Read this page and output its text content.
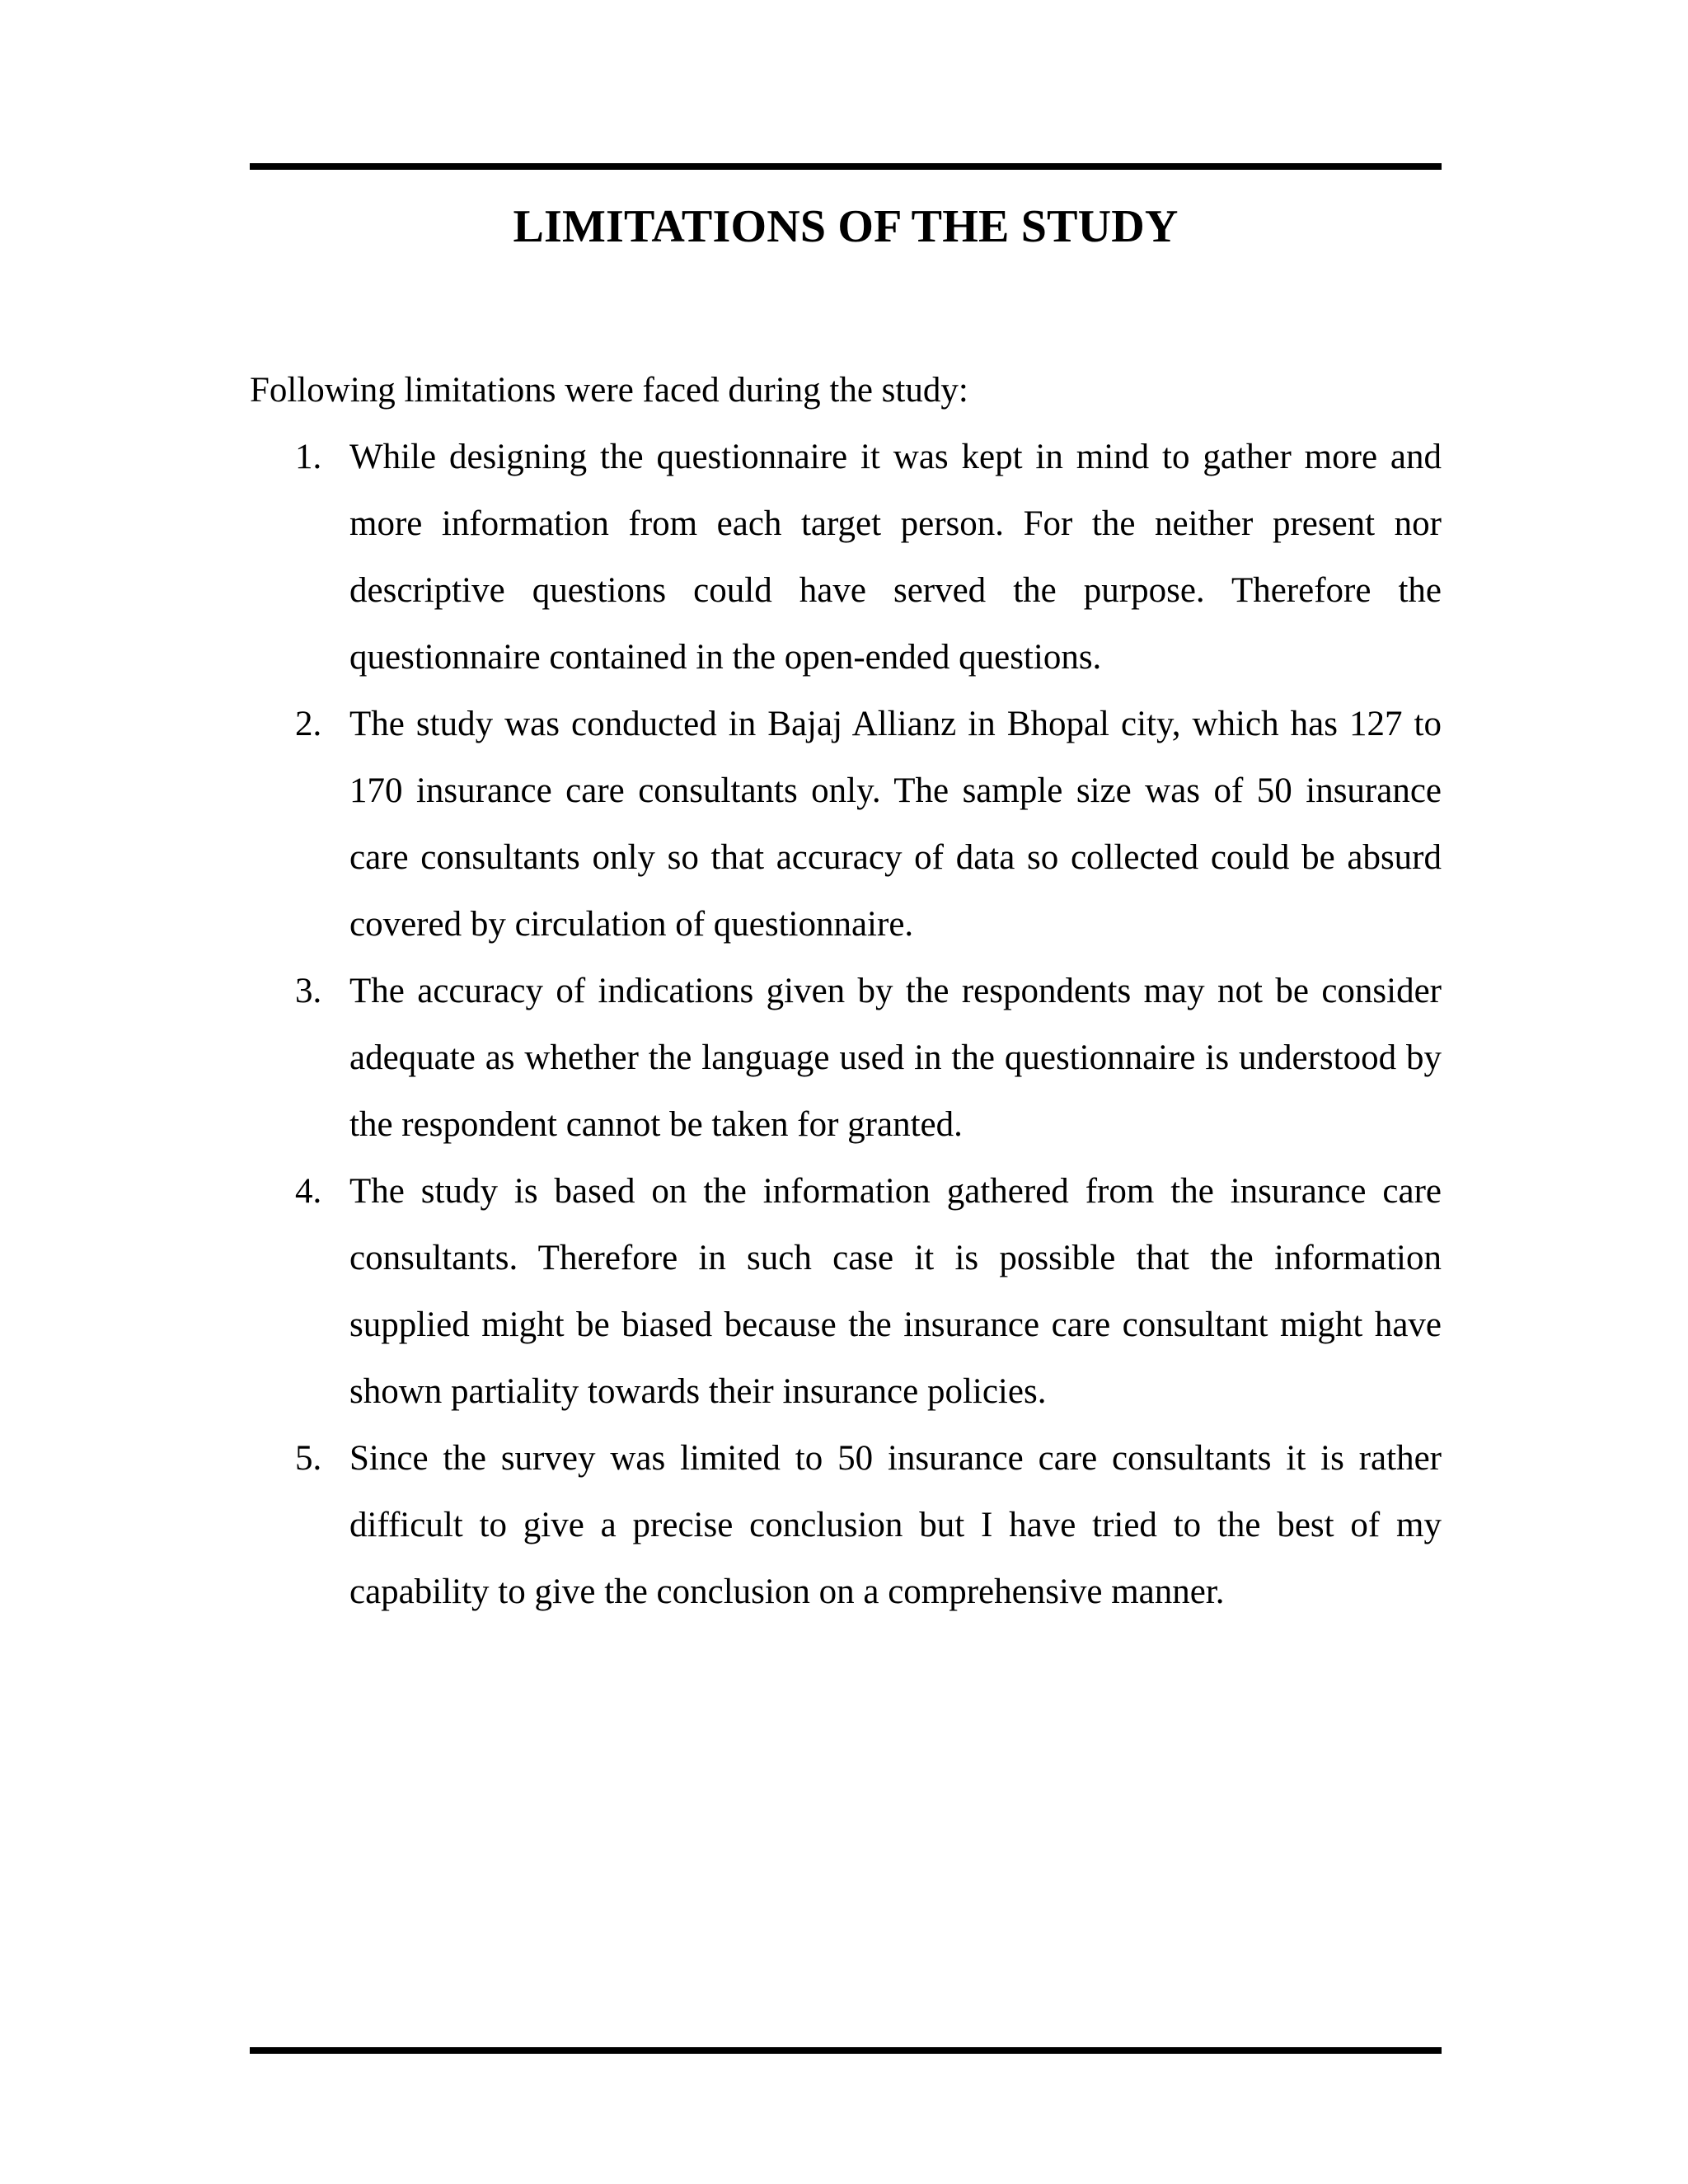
LIMITATIONS OF THE STUDY

Following limitations were faced during the study:

1. While designing the questionnaire it was kept in mind to gather more and more information from each target person. For the neither present nor descriptive questions could have served the purpose. Therefore the questionnaire contained in the open-ended questions.
2. The study was conducted in Bajaj Allianz in Bhopal city, which has 127 to 170 insurance care consultants only. The sample size was of 50 insurance care consultants only so that accuracy of data so collected could be absurd covered by circulation of questionnaire.
3. The accuracy of indications given by the respondents may not be consider adequate as whether the language used in the questionnaire is understood by the respondent cannot be taken for granted.
4. The study is based on the information gathered from the insurance care consultants. Therefore in such case it is possible that the information supplied might be biased because the insurance care consultant might have shown partiality towards their insurance policies.
5. Since the survey was limited to 50 insurance care consultants it is rather difficult to give a precise conclusion but I have tried to the best of my capability to give the conclusion on a comprehensive manner.
